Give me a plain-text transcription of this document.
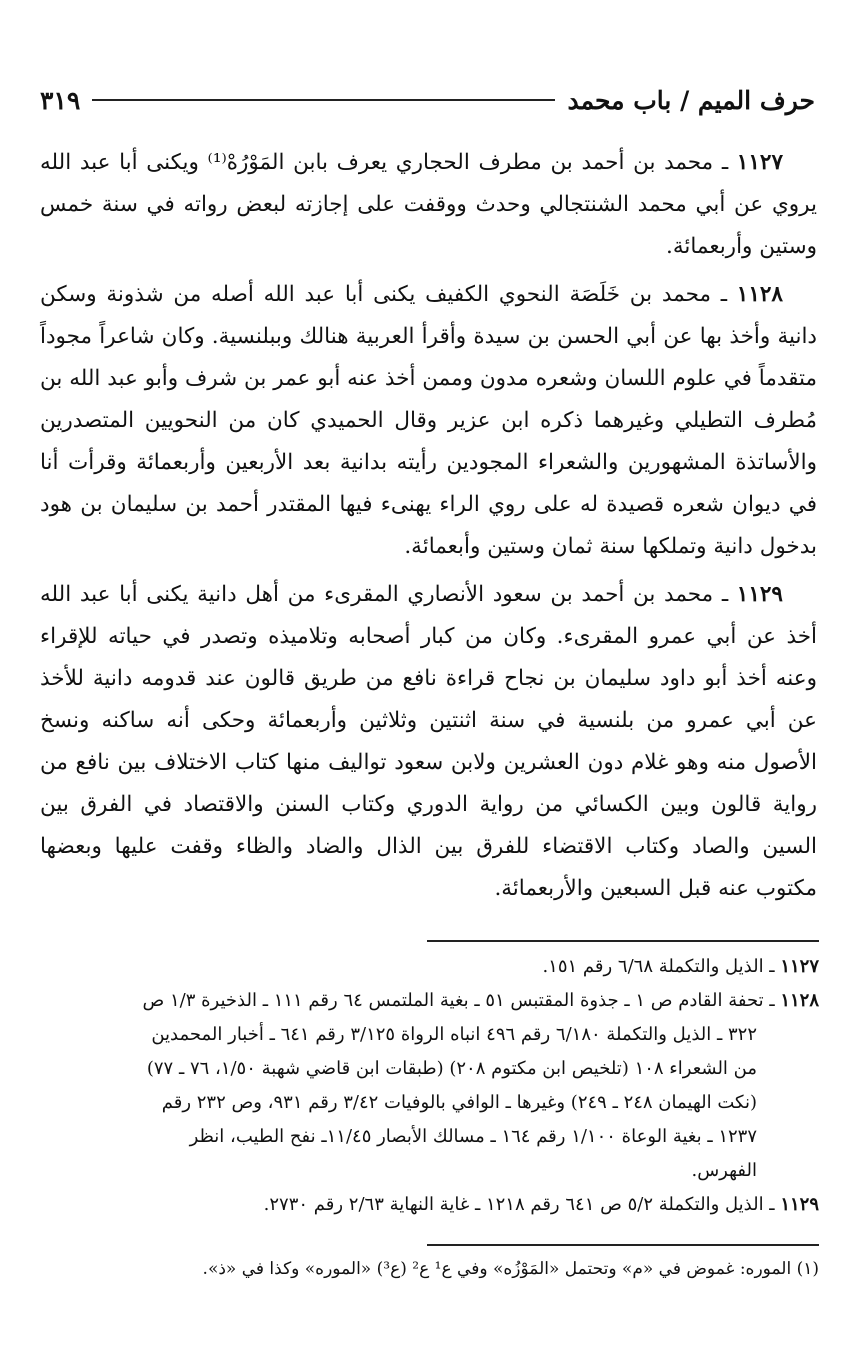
حرف الميم / باب محمد
٣١٩

١١٢٧ ـ محمد بن أحمد بن مطرف الحجاري يعرف بابن المَوْرُهْ⁽¹⁾ ويكنى أبا عبد الله يروي عن أبي محمد الشنتجالي وحدث ووقفت على إجازته لبعض رواته في سنة خمس وستين وأربعمائة.

١١٢٨ ـ محمد بن خَلَصَة النحوي الكفيف يكنى أبا عبد الله أصله من شذونة وسكن دانية وأخذ بها عن أبي الحسن بن سيدة وأقرأ العربية هنالك وببلنسية. وكان شاعراً مجوداً متقدماً في علوم اللسان وشعره مدون وممن أخذ عنه أبو عمر بن شرف وأبو عبد الله بن مُطرف التطيلي وغيرهما ذكره ابن عزير وقال الحميدي كان من النحويين المتصدرين والأساتذة المشهورين والشعراء المجودين رأيته بدانية بعد الأربعين وأربعمائة وقرأت أنا في ديوان شعره قصيدة له على روي الراء يهنىء فيها المقتدر أحمد بن سليمان بن هود بدخول دانية وتملكها سنة ثمان وستين وأبعمائة.

١١٢٩ ـ محمد بن أحمد بن سعود الأنصاري المقرىء من أهل دانية يكنى أبا عبد الله أخذ عن أبي عمرو المقرىء. وكان من كبار أصحابه وتلاميذه وتصدر في حياته للإقراء وعنه أخذ أبو داود سليمان بن نجاح قراءة نافع من طريق قالون عند قدومه دانية للأخذ عن أبي عمرو من بلنسية في سنة اثنتين وثلاثين وأربعمائة وحكى أنه ساكنه ونسخ الأصول منه وهو غلام دون العشرين ولابن سعود تواليف منها كتاب الاختلاف بين نافع من رواية قالون وبين الكسائي من رواية الدوري وكتاب السنن والاقتصاد في الفرق بين السين والصاد وكتاب الاقتضاء للفرق بين الذال والضاد والظاء وقفت عليها وبعضها مكتوب عنه قبل السبعين والأربعمائة.

١١٢٧ ـ الذيل والتكملة ٦/٦٨ رقم ١٥١.
١١٢٨ ـ تحفة القادم ص ١ ـ جذوة المقتبس ٥١ ـ بغية الملتمس ٦٤ رقم ١١١ ـ الذخيرة ١/٣ ص
٣٢٢ ـ الذيل والتكملة ٦/١٨٠ رقم ٤٩٦ انباه الرواة ٣/١٢٥ رقم ٦٤١ ـ أخبار المحمدين
من الشعراء ١٠٨ (تلخيص ابن مكتوم ٢٠٨) (طبقات ابن قاضي شهبة ١/٥٠، ٧٦ ـ ٧٧)
(نكت الهيمان ٢٤٨ ـ ٢٤٩) وغيرها ـ الوافي بالوفيات ٣/٤٢ رقم ٩٣١، وص ٢٣٢ رقم
١٢٣٧ ـ بغية الوعاة ١/١٠٠ رقم ١٦٤ ـ مسالك الأبصار ١١/٤٥ـ نفح الطيب، انظر
الفهرس.
١١٢٩ ـ الذيل والتكملة ٥/٢ ص ٦٤١ رقم ١٢١٨ ـ غاية النهاية ٢/٦٣ رقم ٢٧٣٠.
(١) الموره: غموض في «م» وتحتمل «المَوْزُه» وفي ع¹ ع² (ع³) «الموره» وكذا في «ذ».
